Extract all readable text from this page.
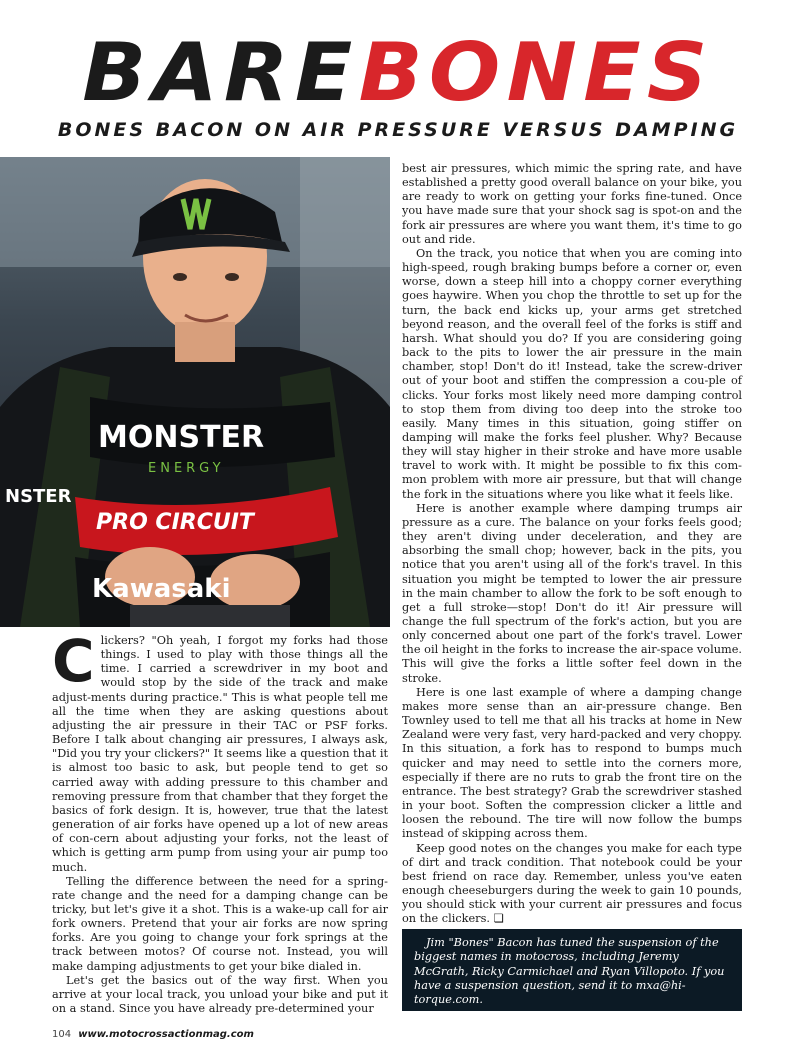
BAREBONES
BONES BACON ON AIR PRESSURE VERSUS DAMPING
MONSTER
ENERGY
NSTER
PRO CIRCUIT
Kawasaki

Clickers? "Oh yeah, I forgot my forks had those things. I used to play with those things all the time. I carried a screwdriver in my boot and would stop by the side of the track and make adjust-ments during practice." This is what people tell me all the time when they are asking questions about adjusting the air pressure in their TAC or PSF forks. Before I talk about changing air pressures, I always ask, "Did you try your clickers?" It seems like a question that it is almost too basic to ask, but people tend to get so carried away with adding pressure to this chamber and removing pressure from that chamber that they forget the basics of fork design. It is, however, true that the latest generation of air forks have opened up a lot of new areas of con-cern about adjusting your forks, not the least of which is getting arm pump from using your air pump too much.

Telling the difference between the need for a spring-rate change and the need for a damping change can be tricky, but let's give it a shot. This is a wake-up call for air fork owners. Pretend that your air forks are now spring forks. Are you going to change your fork springs at the track between motos? Of course not. Instead, you will make damping adjustments to get your bike dialed in.

Let's get the basics out of the way first. When you arrive at your local track, you unload your bike and put it on a stand. Since you have already pre-determined your

best air pressures, which mimic the spring rate, and have established a pretty good overall balance on your bike, you are ready to work on getting your forks fine-tuned. Once you have made sure that your shock sag is spot-on and the fork air pressures are where you want them, it's time to go out and ride.

On the track, you notice that when you are coming into high-speed, rough braking bumps before a corner or, even worse, down a steep hill into a choppy corner everything goes haywire. When you chop the throttle to set up for the turn, the back end kicks up, your arms get stretched beyond reason, and the overall feel of the forks is stiff and harsh. What should you do? If you are considering going back to the pits to lower the air pressure in the main chamber, stop! Don't do it! Instead, take the screw-driver out of your boot and stiffen the compression a cou-ple of clicks. Your forks most likely need more damping control to stop them from diving too deep into the stroke too easily. Many times in this situation, going stiffer on damping will make the forks feel plusher. Why? Because they will stay higher in their stroke and have more usable travel to work with. It might be possible to fix this com-mon problem with more air pressure, but that will change the fork in the situations where you like what it feels like.

Here is another example where damping trumps air pressure as a cure. The balance on your forks feels good; they aren't diving under deceleration, and they are absorbing the small chop; however, back in the pits, you notice that you aren't using all of the fork's travel. In this situation you might be tempted to lower the air pressure in the main chamber to allow the fork to be soft enough to get a full stroke—stop! Don't do it! Air pressure will change the full spectrum of the fork's action, but you are only concerned about one part of the fork's travel. Lower the oil height in the forks to increase the air-space volume. This will give the forks a little softer feel down in the stroke.

Here is one last example of where a damping change makes more sense than an air-pressure change. Ben Townley used to tell me that all his tracks at home in New Zealand were very fast, very hard-packed and very choppy. In this situation, a fork has to respond to bumps much quicker and may need to settle into the corners more, especially if there are no ruts to grab the front tire on the entrance. The best strategy? Grab the screwdriver stashed in your boot. Soften the compression clicker a little and loosen the rebound. The tire will now follow the bumps instead of skipping across them.

Keep good notes on the changes you make for each type of dirt and track condition. That notebook could be your best friend on race day. Remember, unless you've eaten enough cheeseburgers during the week to gain 10 pounds, you should stick with your current air pressures and focus on the clickers. ❏

Jim "Bones" Bacon has tuned the suspension of the biggest names in motocross, including Jeremy McGrath, Ricky Carmichael and Ryan Villopoto. If you have a suspension question, send it to mxa@hi-torque.com.

104 www.motocrossactionmag.com
